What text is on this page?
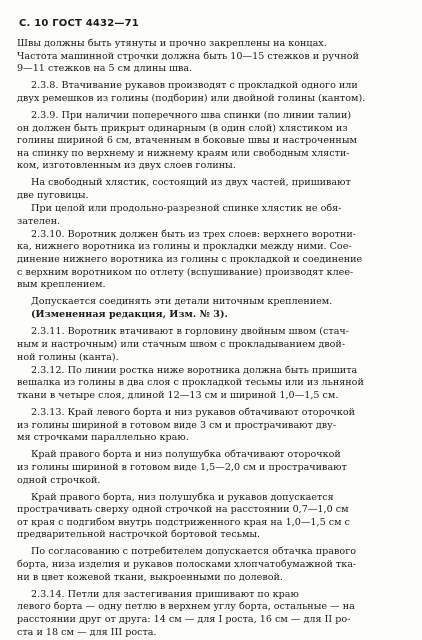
С. 10 ГОСТ 4432—71
Швы должны быть утянуты и прочно закреплены на концах.
Частота машинной строчки должна быть 10—15 стежков и ручной
9—11 стежков на 5 см длины шва.
2.3.8. Втачивание рукавов производят с прокладкой одного или
двух ремешков из голины (подборин) или двойной голины (кантом).
2.3.9. При наличии поперечного шва спинки (по линии талии)
он должен быть прикрыт одинарным (в один слой) хлястиком из
голины шириной 6 см, втаченным в боковые швы и настроченным
на спинку по верхнему и нижнему краям или свободным хлясти-
ком, изготовленным из двух слоев голины.
На свободный хлястик, состоящий из двух частей, пришивают
две пуговицы.
При целой или продольно-разрезной спинке хлястик не обя-
зателен.
2.3.10. Воротник должен быть из трех слоев: верхнего воротни-
ка, нижнего воротника из голины и прокладки между ними. Сое-
динение нижнего воротника из голины с прокладкой и соединение
с верхним воротником по отлету (вспушивание) производят клее-
вым креплением.
Допускается соединять эти детали ниточным креплением.
(Измененная редакция, Изм. № 3).
2.3.11. Воротник втачивают в горловину двойным швом (стач-
ным и настрочным) или стачным швом с прокладыванием двой-
ной голины (канта).
2.3.12. По линии ростка ниже воротника должна быть пришита
вешалка из голины в два слоя с прокладкой тесьмы или из льняной
ткани в четыре слоя, длиной 12—13 см и шириной 1,0—1,5 см.
2.3.13. Край левого борта и низ рукавов обтачивают оторочкой
из голины шириной в готовом виде 3 см и прострачивают дву-
мя строчками параллельно краю.
Край правого борта и низ полушубка обтачивают оторочкой
из голины шириной в готовом виде 1,5—2,0 см и прострачивают
одной строчкой.
Край правого борта, низ полушубка и рукавов допускается
прострачивать сверху одной строчкой на расстоянии 0,7—1,0 см
от края с подгибом внутрь подстриженного края на 1,0—1,5 см с
предварительной настрочкой бортовой тесьмы.
По согласованию с потребителем допускается обтачка правого
борта, низа изделия и рукавов полосками хлопчатобумажной тка-
ни в цвет кожевой ткани, выкроенными по долевой.
2.3.14. Петли для застегивания пришивают по краю
левого борта — одну петлю в верхнем углу борта, остальные — на
расстоянии друг от друга: 14 см — для I роста, 16 см — для II ро-
ста и 18 см — для III роста.
